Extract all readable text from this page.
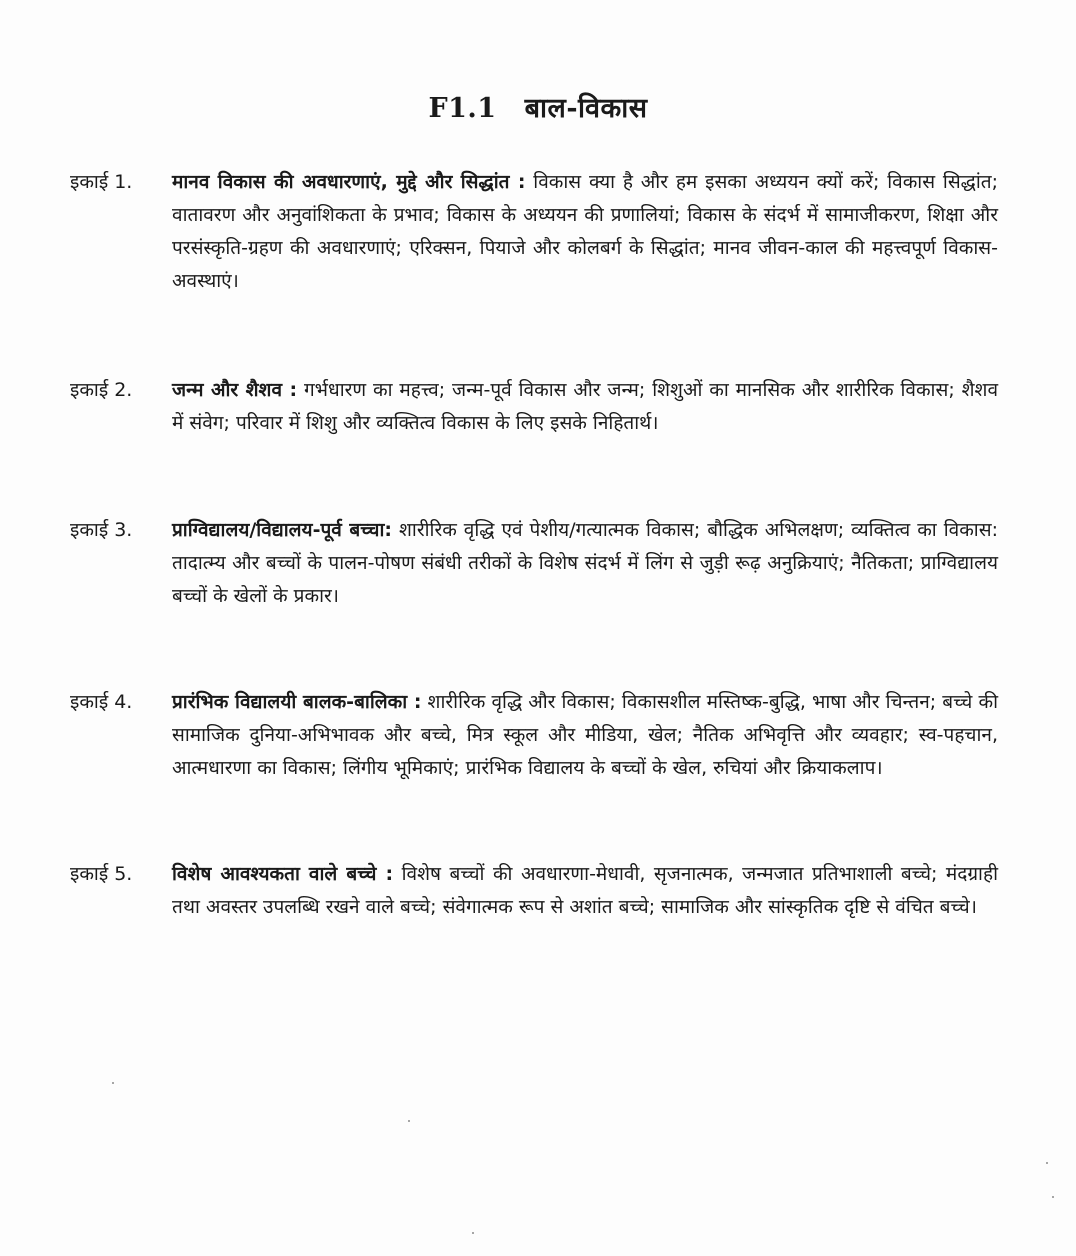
F1.1 बाल-विकास
इकाई 1.	मानव विकास की अवधारणाएं, मुद्दे और सिद्धांत : विकास क्या है और हम इसका अध्ययन क्यों करें; विकास सिद्धांत; वातावरण और अनुवांशिकता के प्रभाव; विकास के अध्ययन की प्रणालियां; विकास के संदर्भ में सामाजीकरण, शिक्षा और परसंस्कृति-ग्रहण की अवधारणाएं; एरिक्सन, पियाजे और कोलबर्ग के सिद्धांत; मानव जीवन-काल की महत्त्वपूर्ण विकास-अवस्थाएं।
इकाई 2.	जन्म और शैशव : गर्भधारण का महत्त्व; जन्म-पूर्व विकास और जन्म; शिशुओं का मानसिक और शारीरिक विकास; शैशव में संवेग; परिवार में शिशु और व्यक्तित्व विकास के लिए इसके निहितार्थ।
इकाई 3.	प्राग्विद्यालय/विद्यालय-पूर्व बच्चा: शारीरिक वृद्धि एवं पेशीय/गत्यात्मक विकास; बौद्धिक अभिलक्षण; व्यक्तित्व का विकास: तादात्म्य और बच्चों के पालन-पोषण संबंधी तरीकों के विशेष संदर्भ में लिंग से जुड़ी रूढ़ अनुक्रियाएं; नैतिकता; प्राग्विद्यालय बच्चों के खेलों के प्रकार।
इकाई 4.	प्रारंभिक विद्यालयी बालक-बालिका : शारीरिक वृद्धि और विकास; विकासशील मस्तिष्क-बुद्धि, भाषा और चिन्तन; बच्चे की सामाजिक दुनिया-अभिभावक और बच्चे, मित्र स्कूल और मीडिया, खेल; नैतिक अभिवृत्ति और व्यवहार; स्व-पहचान, आत्मधारणा का विकास; लिंगीय भूमिकाएं; प्रारंभिक विद्यालय के बच्चों के खेल, रुचियां और क्रियाकलाप।
इकाई 5.	विशेष आवश्यकता वाले बच्चे : विशेष बच्चों की अवधारणा-मेधावी, सृजनात्मक, जन्मजात प्रतिभाशाली बच्चे; मंदग्राही तथा अवस्तर उपलब्धि रखने वाले बच्चे; संवेगात्मक रूप से अशांत बच्चे; सामाजिक और सांस्कृतिक दृष्टि से वंचित बच्चे।
